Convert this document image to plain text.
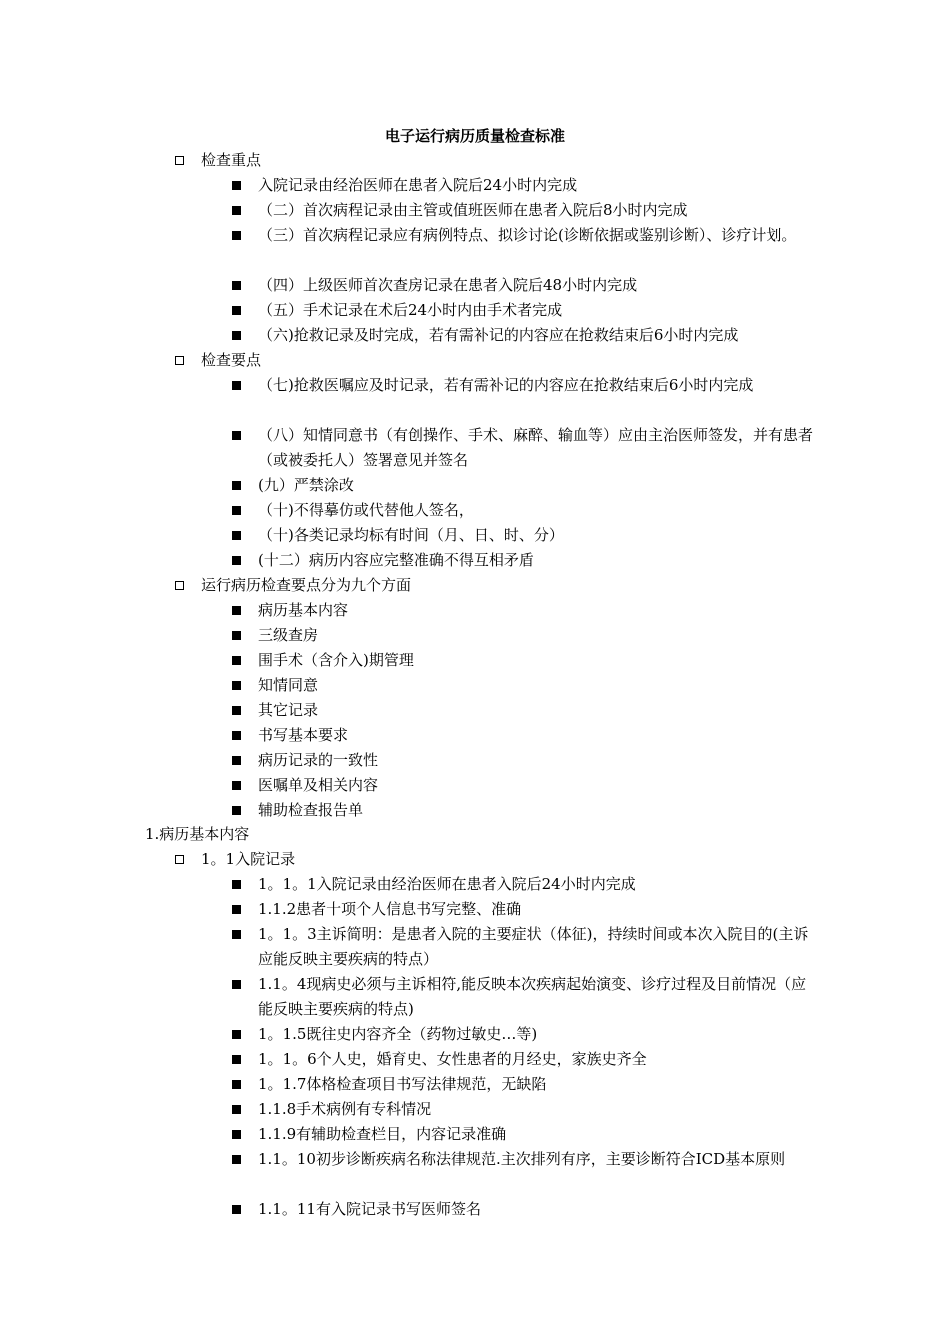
电子运行病历质量检查标准
检查重点
入院记录由经治医师在患者入院后24小时内完成
（二）首次病程记录由主管或值班医师在患者入院后8小时内完成
（三）首次病程记录应有病例特点、拟诊讨论(诊断依据或鉴别诊断）、诊疗计划。
（四）上级医师首次查房记录在患者入院后48小时内完成
（五）手术记录在术后24小时内由手术者完成
（六)抢救记录及时完成，若有需补记的内容应在抢救结束后6小时内完成
检查要点
（七)抢救医嘱应及时记录，若有需补记的内容应在抢救结束后6小时内完成
（八）知情同意书（有创操作、手术、麻醉、输血等）应由主治医师签发，并有患者（或被委托人）签署意见并签名
(九）严禁涂改
（十)不得摹仿或代替他人签名，
（十)各类记录均标有时间（月、日、时、分）
(十二）病历内容应完整准确不得互相矛盾
运行病历检查要点分为九个方面
病历基本内容
三级查房
围手术（含介入)期管理
知情同意
其它记录
书写基本要求
病历记录的一致性
医嘱单及相关内容
辅助检查报告单
1.病历基本内容
1。1入院记录
1。1。1入院记录由经治医师在患者入院后24小时内完成
1.1.2患者十项个人信息书写完整、准确
1。1。3主诉简明：是患者入院的主要症状（体征)，持续时间或本次入院目的(主诉应能反映主要疾病的特点）
1.1。4现病史必须与主诉相符,能反映本次疾病起始演变、诊疗过程及目前情况（应能反映主要疾病的特点)
1。1.5既往史内容齐全（药物过敏史…等)
1。1。6个人史，婚育史、女性患者的月经史，家族史齐全
1。1.7体格检查项目书写法律规范，无缺陷
1.1.8手术病例有专科情况
1.1.9有辅助检查栏目，内容记录准确
1.1。10初步诊断疾病名称法律规范.主次排列有序，主要诊断符合ICD基本原则
1.1。11有入院记录书写医师签名
